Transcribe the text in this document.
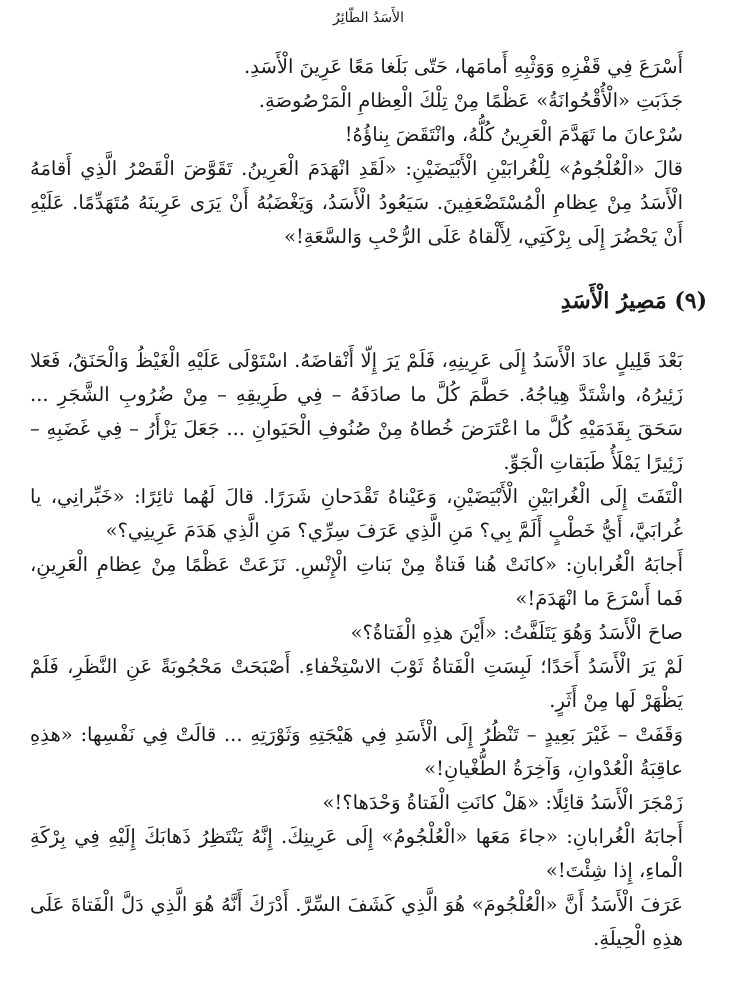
الأَسَدُ الطّائِرُ

أَسْرَعَ فِي قَفْزِهِ وَوَثْبِهِ أَمامَها، حَتّى بَلَغا مَعًا عَرِينَ الْأَسَدِ.

جَذَبَتِ «الْأُقْحُوانَةُ» عَظْمًا مِنْ تِلْكَ الْعِظامِ الْمَرْصُوصَةِ.

سُرْعانَ ما تَهَدَّمَ الْعَرِينُ كُلُّهُ، وانْتَقَضَ بِناؤُهُ!

قالَ «الْعُلْجُومُ» لِلْغُرابَيْنِ الْأَبْيَضَيْنِ: «لَقَدِ انْهَدَمَ الْعَرِينُ. تَقَوَّضَ الْقَصْرُ الَّذِي أَقامَهُ الْأَسَدُ مِنْ عِظامِ الْمُسْتَضْعَفِينَ. سَيَعُودُ الْأَسَدُ، وَيَغْضَبُهُ أَنْ يَرَى عَرِينَهُ مُتَهَدِّمًا. عَلَيْهِ أَنْ يَحْضُرَ إِلَى بِرْكَتِي، لِأَلْقاهُ عَلَى الرُّحْبِ وَالسَّعَةِ!»

(٩) مَصِيرُ الْأَسَدِ

بَعْدَ قَلِيلٍ عادَ الْأَسَدُ إِلَى عَرِينِهِ، فَلَمْ يَرَ إِلّا أَنْقاضَهُ. اسْتَوْلَى عَلَيْهِ الْغَيْظُ وَالْحَنَقُ، فَعَلا زَئِيرُهُ، واشْتَدَّ هِياجُهُ. حَطَّمَ كُلَّ ما صادَفَهُ – فِي طَرِيقِهِ – مِنْ ضُرُوبِ الشَّجَرِ ... سَحَقَ بِقَدَمَيْهِ كُلَّ ما اعْتَرَضَ خُطاهُ مِنْ صُنُوفِ الْحَيَوانِ ... جَعَلَ يَزْأَرُ – فِي غَضَبِهِ – زَئِيرًا يَمْلَأُ طَبَقاتِ الْجَوِّ.

الْتَفَتَ إِلَى الْغُرابَيْنِ الْأَبْيَضَيْنِ، وَعَيْناهُ تَقْدَحانِ شَرَرًا. قالَ لَهُما ثائِرًا: «خَبِّرانِي، يا غُرابَيَّ، أَيُّ خَطْبٍ أَلَمَّ بِي؟ مَنِ الَّذِي عَرَفَ سِرِّي؟ مَنِ الَّذِي هَدَمَ عَرِينِي؟»

أَجابَهُ الْغُرابانِ: «كانَتْ هُنا فَتاةٌ مِنْ بَناتِ الْإِنْسِ. نَزَعَتْ عَظْمًا مِنْ عِظامِ الْعَرِينِ، فَما أَسْرَعَ ما انْهَدَمَ!»

صاحَ الْأَسَدُ وَهُوَ يَتَلَفَّتُ: «أَيْنَ هذِهِ الْفَتاةُ؟»

لَمْ يَرَ الْأَسَدُ أَحَدًا؛ لَبِسَتِ الْفَتاةُ ثَوْبَ الاسْتِخْفاءِ. أَصْبَحَتْ مَحْجُوبَةً عَنِ النَّظَرِ، فَلَمْ يَظْهَرْ لَها مِنْ أَثَرٍ.

وَقَفَتْ – غَيْرَ بَعِيدٍ – تَنْظُرُ إِلَى الْأَسَدِ فِي هَيْجَتِهِ وَثَوْرَتِهِ ... قالَتْ فِي نَفْسِها: «هذِهِ عاقِبَةُ الْعُدْوانِ، وَآخِرَةُ الطُّغْيانِ!»

زَمْجَرَ الْأَسَدُ قائِلًا: «هَلْ كانَتِ الْفَتاةُ وَحْدَها؟!»

أَجابَهُ الْغُرابانِ: «جاءَ مَعَها «الْعُلْجُومُ» إِلَى عَرِينِكَ. إِنَّهُ يَنْتَظِرُ ذَهابَكَ إِلَيْهِ فِي بِرْكَةِ الْماءِ، إِذا شِئْتَ!»

عَرَفَ الْأَسَدُ أَنَّ «الْعُلْجُومَ» هُوَ الَّذِي كَشَفَ السِّرَّ. أَدْرَكَ أَنَّهُ هُوَ الَّذِي دَلَّ الْفَتاةَ عَلَى هذِهِ الْحِيلَةِ.
